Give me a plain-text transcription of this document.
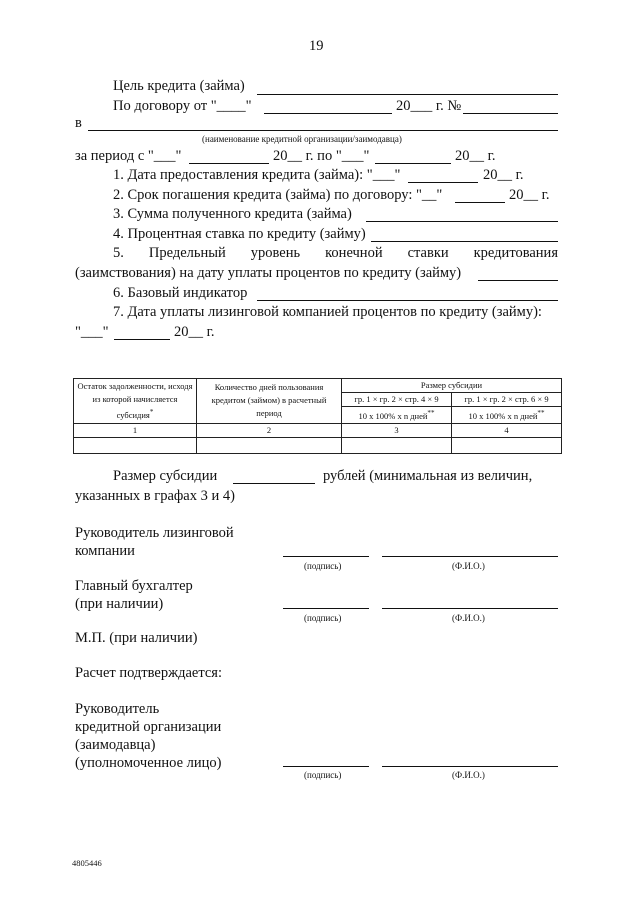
19
Цель кредита (займа)
По договору от "____"	20___ г. №
в
(наименование кредитной организации/заимодавца)
за период с "___"	20__ г. по "___"	20__ г.
1. Дата предоставления кредита (займа): "___"	20__ г.
2. Срок погашения кредита (займа) по договору: "__"	20__ г.
3. Сумма полученного кредита (займа)
4. Процентная ставка по кредиту (займу)
5. Предельный уровень конечной ставки кредитования
(заимствования) на дату уплаты процентов по кредиту (займу)
6. Базовый индикатор
7. Дата уплаты лизинговой компанией процентов по кредиту (займу):
"___"	20__ г.
Остаток задолженности, исходя из которой начисляется субсидия*	Количество дней пользования кредитом (займом) в расчетный период	Размер субсидии	
		гр. 1 × гр. 2 × стр. 4 × 9	гр. 1 × гр. 2 × стр. 6 × 9
		10 x 100% x n дней**	10 x 100% x n дней**
1	2	3	4

Размер субсидии	рублей (минимальная из величин,
указанных в графах 3 и 4)
Руководитель лизинговой
компании
(подпись)	(Ф.И.О.)
Главный бухгалтер
(при наличии)
(подпись)	(Ф.И.О.)
М.П. (при наличии)
Расчет подтверждается:
Руководитель
кредитной организации
(заимодавца)
(уполномоченное лицо)
(подпись)	(Ф.И.О.)
4805446
